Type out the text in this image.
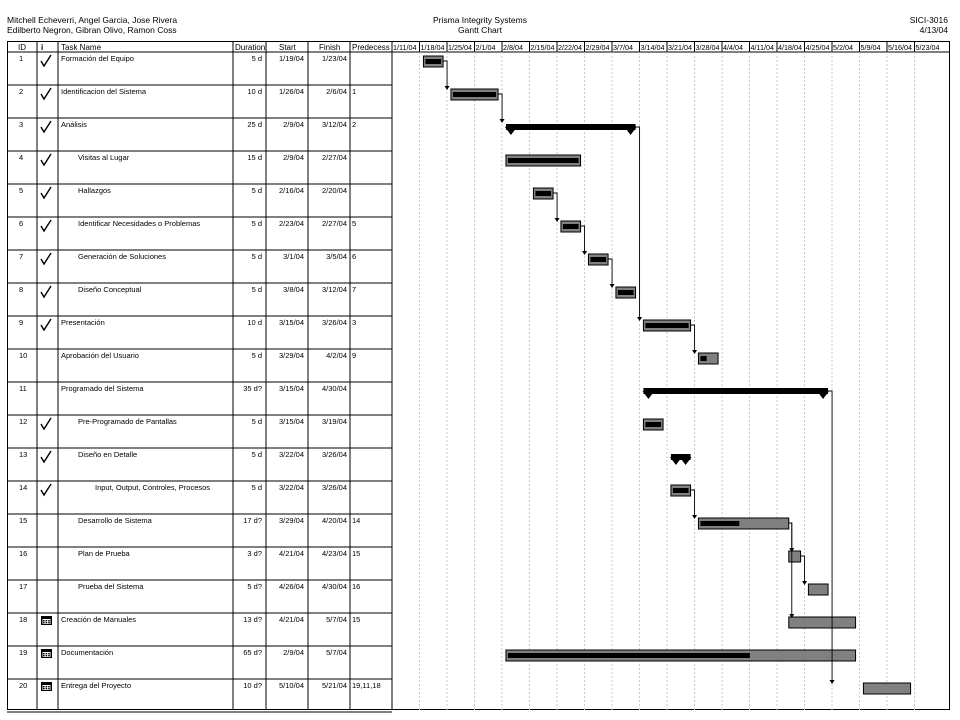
Mitchell Echeverri, Angel Garcia, Jose Rivera
Edilberto Negron, Gibran Olivo, Ramon Coss
Prisma Integrity Systems
Gantt Chart
SICI-3016
4/13/04
ID i Task Name	Duration Start	Finish Predecess
1	Formación del Equipo	5 d 1/19/04 1/23/04
2	Identificacion del Sistema	10 d 1/26/04	2/6/04 1
3	Análisis	25 d	2/9/04 3/12/04 2
4	Visitas al Lugar	15 d	2/9/04 2/27/04
5	Hallazgos	5 d 2/16/04 2/20/04
6	Identificar Necesidades o Problemas	5 d 2/23/04 2/27/04 5
7	Generación de Soluciones	5 d	3/1/04	3/5/04 6
8	Diseño Conceptual	5 d	3/8/04 3/12/04 7
9	Presentación	10 d 3/15/04 3/26/04 3
10	Aprobación del Usuario	5 d 3/29/04	4/2/04 9
11	Programado del Sistema	35 d? 3/15/04 4/30/04
12	Pre-Programado de Pantallas	5 d 3/15/04 3/19/04
13	Diseño en Detalle	5 d 3/22/04 3/26/04
14	Input, Output, Controles, Procesos	5 d 3/22/04 3/26/04
15	Desarrollo de Sistema	17 d? 3/29/04 4/20/04 14
16	Plan de Prueba	3 d? 4/21/04 4/23/04 15
17	Prueba del Sistema	5 d? 4/26/04 4/30/04 16
18	Creación de Manuales	13 d? 4/21/04	5/7/04 15
19	Documentación	65 d?	2/9/04	5/7/04
20	Entrega del Proyecto	10 d? 5/10/04 5/21/04 19,11,18
1/11/04 1/18/04 1/25/04 2/1/04 2/8/04 2/15/04 2/22/04 2/29/04 3/7/04 3/14/04 3/21/04 3/28/04 4/4/04 4/11/04 4/18/04 4/25/04 5/2/04 5/9/04 5/16/04 5/23/04
